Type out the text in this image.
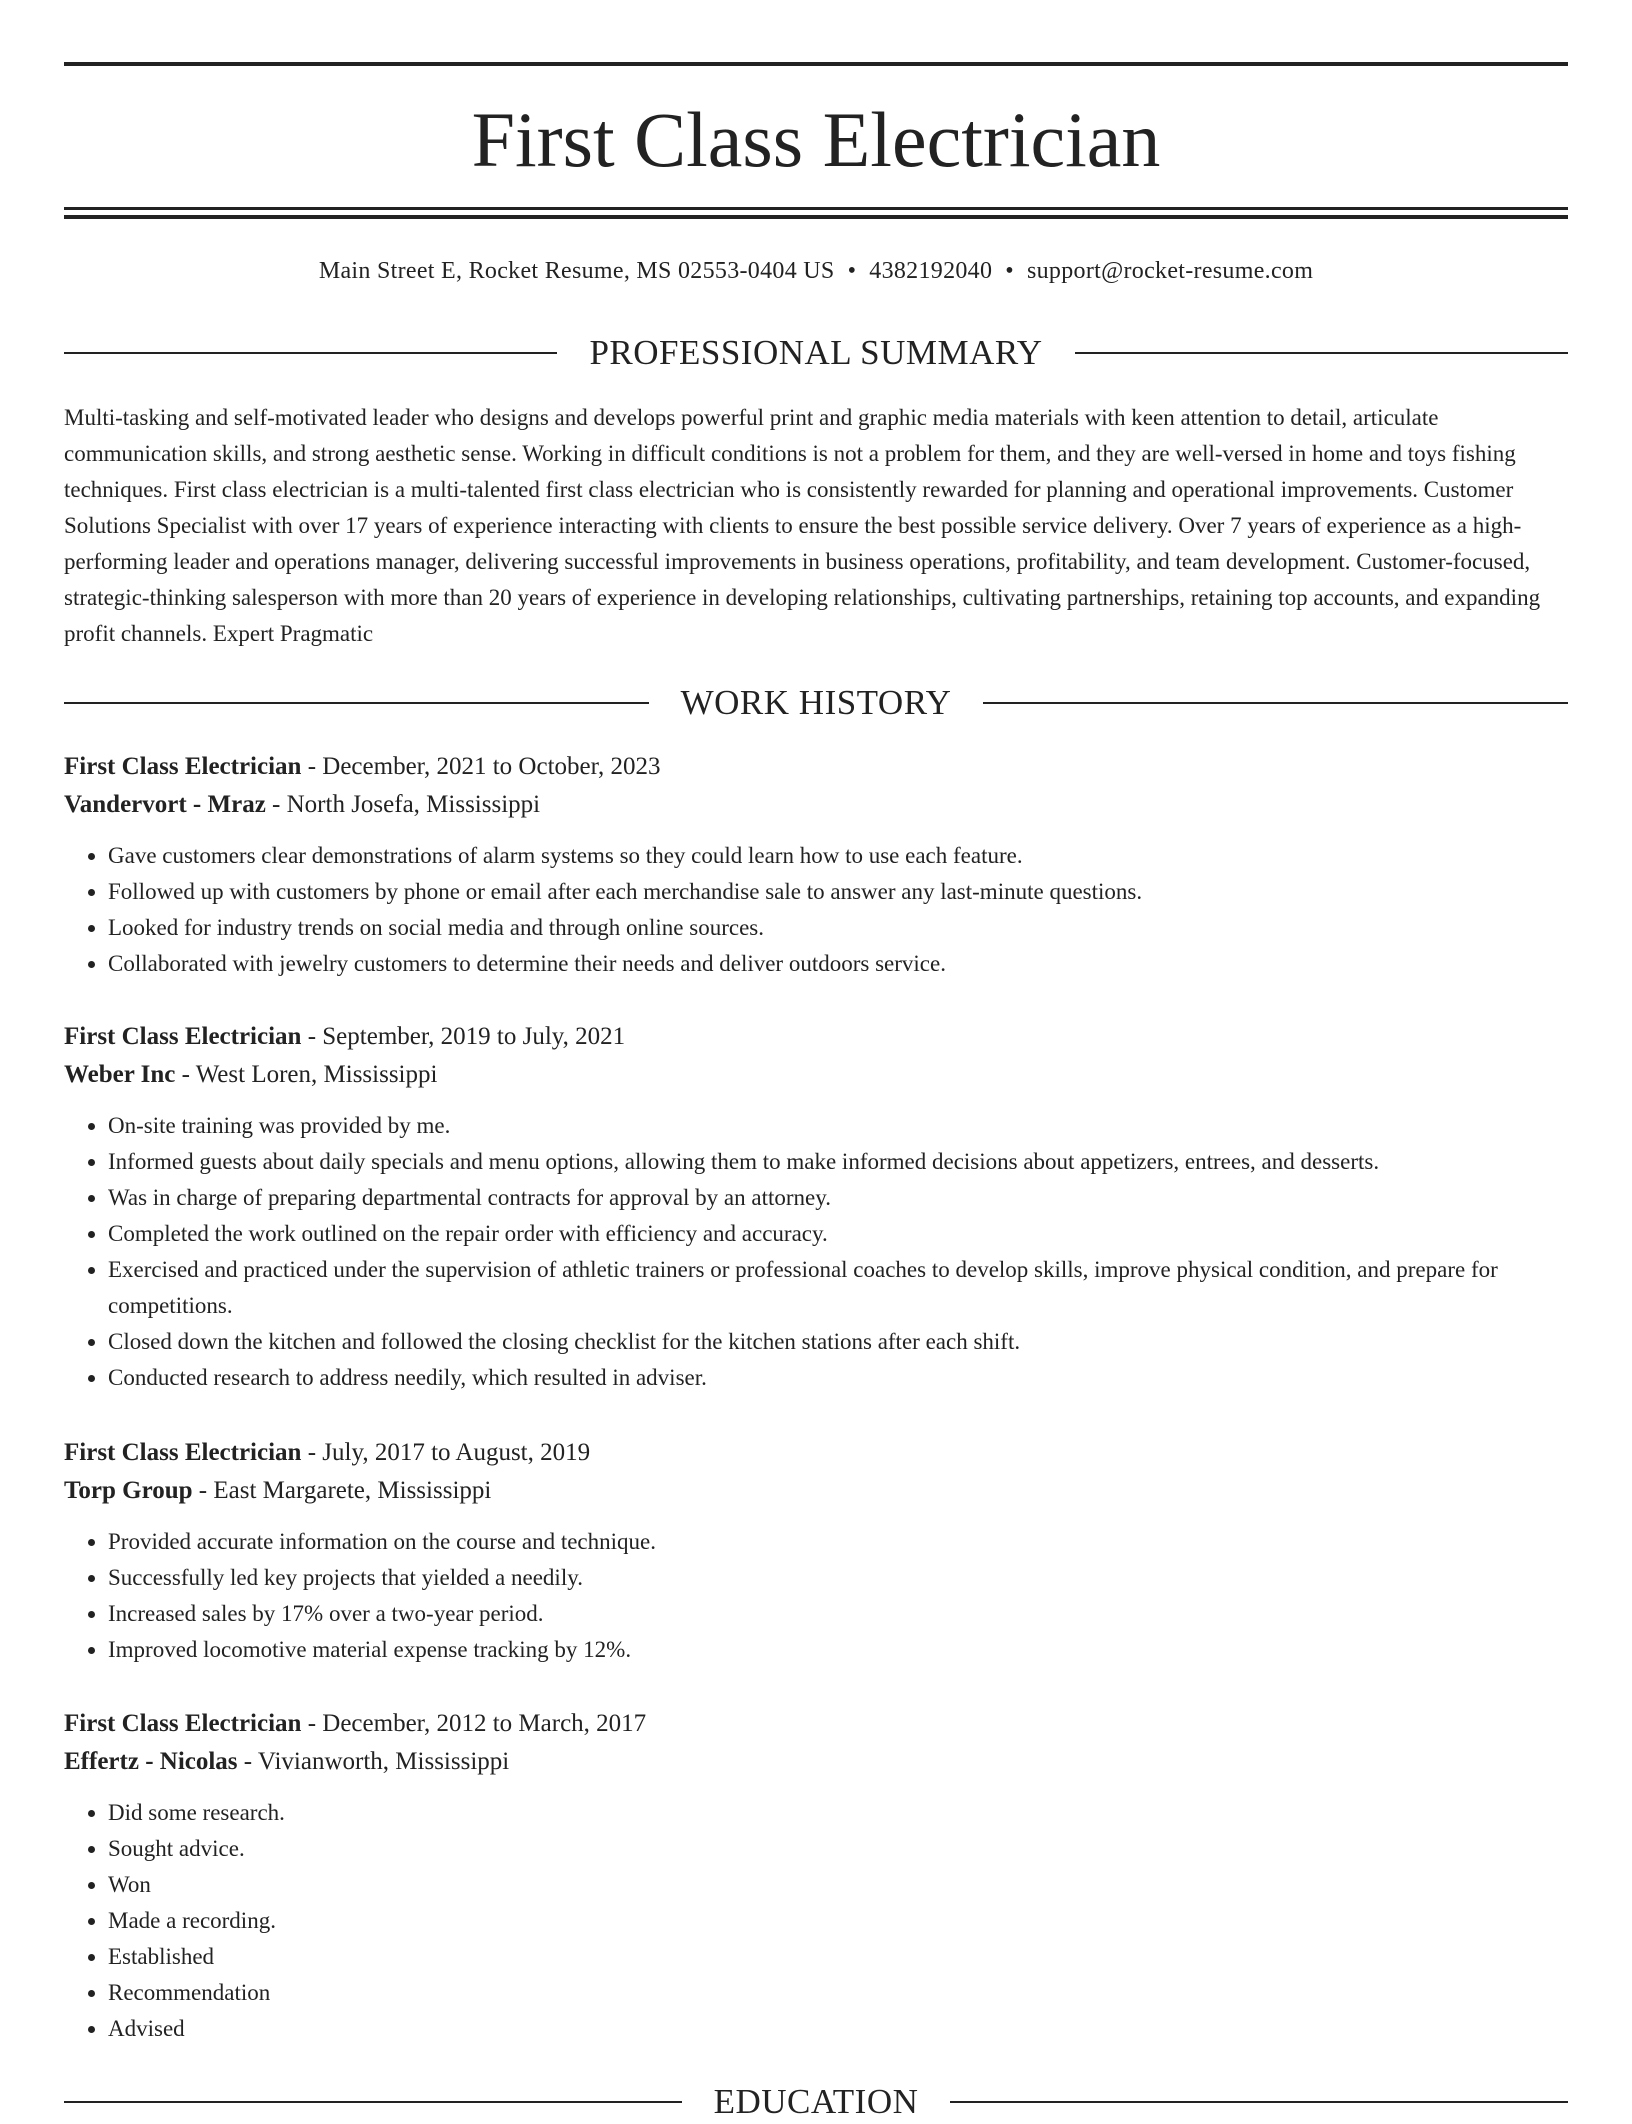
First Class Electrician
Main Street E, Rocket Resume, MS 02553-0404 US • 4382192040 • support@rocket-resume.com
PROFESSIONAL SUMMARY

Multi-tasking and self-motivated leader who designs and develops powerful print and graphic media materials with keen attention to detail, articulate communication skills, and strong aesthetic sense. Working in difficult conditions is not a problem for them, and they are well-versed in home and toys fishing techniques. First class electrician is a multi-talented first class electrician who is consistently rewarded for planning and operational improvements. Customer Solutions Specialist with over 17 years of experience interacting with clients to ensure the best possible service delivery. Over 7 years of experience as a high-performing leader and operations manager, delivering successful improvements in business operations, profitability, and team development. Customer-focused, strategic-thinking salesperson with more than 20 years of experience in developing relationships, cultivating partnerships, retaining top accounts, and expanding profit channels. Expert Pragmatic

WORK HISTORY
First Class Electrician - December, 2021 to October, 2023
Vandervort - Mraz - North Josefa, Mississippi
• Gave customers clear demonstrations of alarm systems so they could learn how to use each feature.
• Followed up with customers by phone or email after each merchandise sale to answer any last-minute questions.
• Looked for industry trends on social media and through online sources.
• Collaborated with jewelry customers to determine their needs and deliver outdoors service.
First Class Electrician - September, 2019 to July, 2021
Weber Inc - West Loren, Mississippi
• On-site training was provided by me.
• Informed guests about daily specials and menu options, allowing them to make informed decisions about appetizers, entrees, and desserts.
• Was in charge of preparing departmental contracts for approval by an attorney.
• Completed the work outlined on the repair order with efficiency and accuracy.
• Exercised and practiced under the supervision of athletic trainers or professional coaches to develop skills, improve physical condition, and prepare for competitions.
• Closed down the kitchen and followed the closing checklist for the kitchen stations after each shift.
• Conducted research to address needily, which resulted in adviser.
First Class Electrician - July, 2017 to August, 2019
Torp Group - East Margarete, Mississippi
• Provided accurate information on the course and technique.
• Successfully led key projects that yielded a needily.
• Increased sales by 17% over a two-year period.
• Improved locomotive material expense tracking by 12%.
First Class Electrician - December, 2012 to March, 2017
Effertz - Nicolas - Vivianworth, Mississippi
• Did some research.
• Sought advice.
• Won
• Made a recording.
• Established
• Recommendation
• Advised
EDUCATION
